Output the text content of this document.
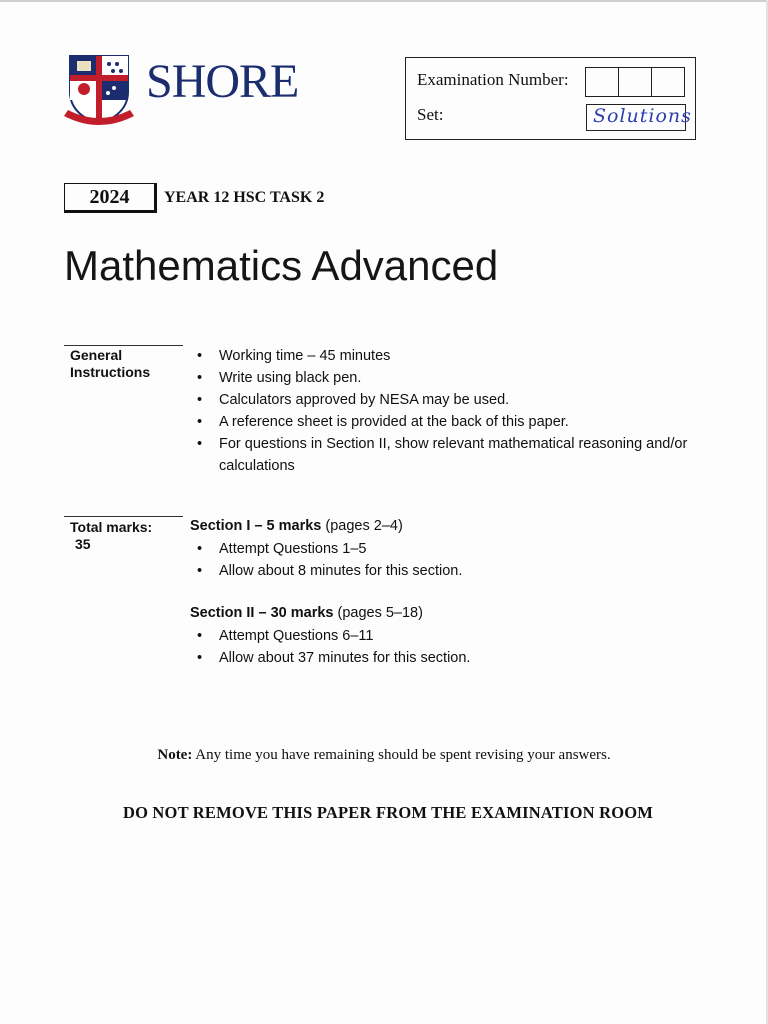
SHORE	Examination Number:
Set:	Solutions
2024	YEAR 12 HSC TASK 2
Mathematics Advanced
General
Instructions
• Working time – 45 minutes
• Write using black pen.
• Calculators approved by NESA may be used.
• A reference sheet is provided at the back of this paper.
• For questions in Section II, show relevant mathematical reasoning and/or calculations
Total marks:
35
Section I – 5 marks (pages 2–4)
• Attempt Questions 1–5
• Allow about 8 minutes for this section.
Section II – 30 marks (pages 5–18)
• Attempt Questions 6–11
• Allow about 37 minutes for this section.
Note: Any time you have remaining should be spent revising your answers.
DO NOT REMOVE THIS PAPER FROM THE EXAMINATION ROOM
